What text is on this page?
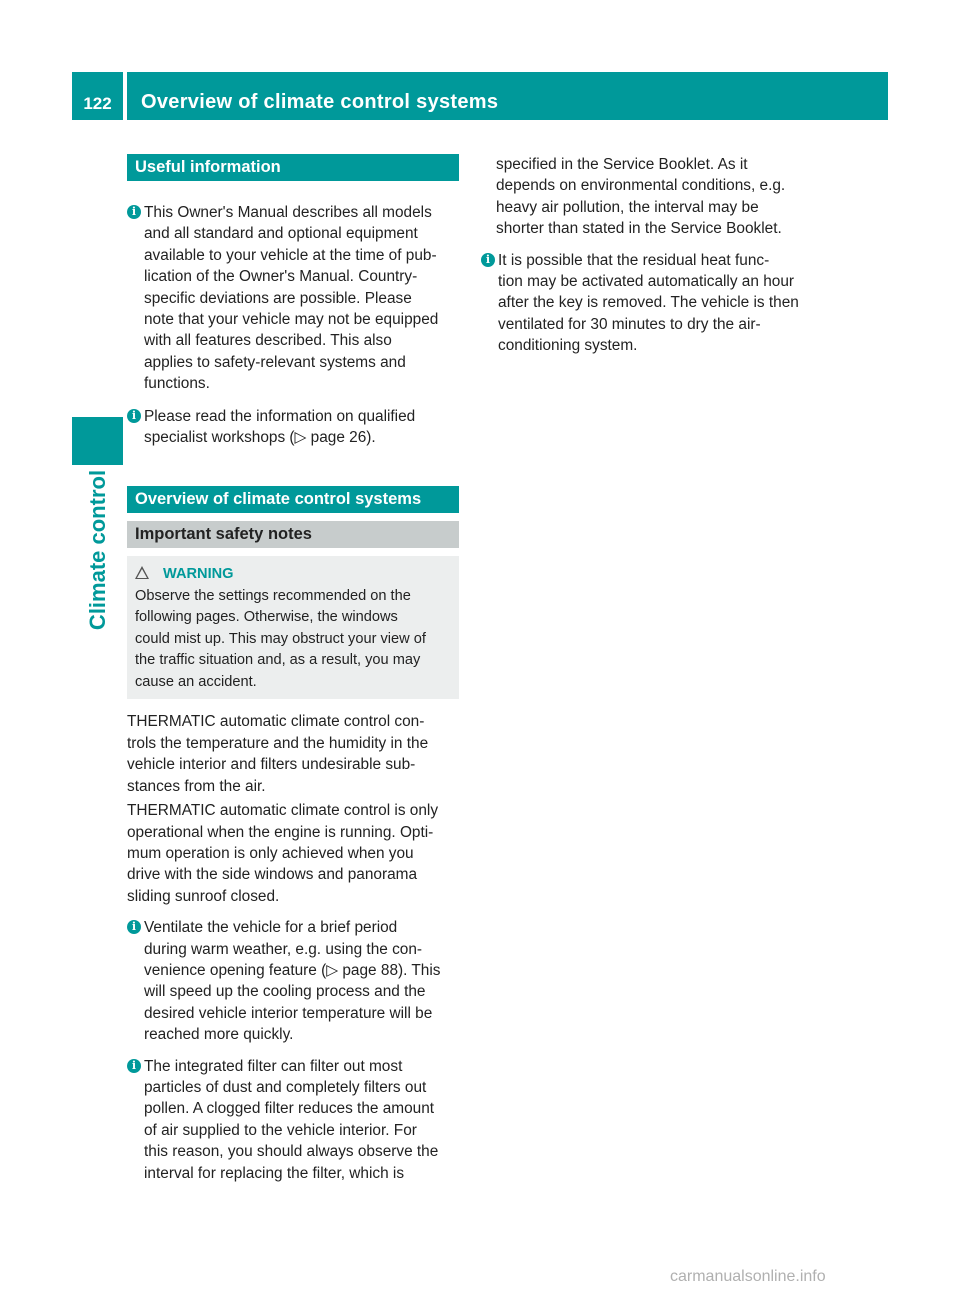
122 Overview of climate control systems
Climate control
Useful information
i This Owner's Manual describes all models
and all standard and optional equipment
available to your vehicle at the time of pub-
lication of the Owner's Manual. Country-
specific deviations are possible. Please
note that your vehicle may not be equipped
with all features described. This also
applies to safety-relevant systems and
functions.
i Please read the information on qualified
specialist workshops (▷ page 26).
Overview of climate control systems
Important safety notes
WARNING
Observe the settings recommended on the
following pages. Otherwise, the windows
could mist up. This may obstruct your view of
the traffic situation and, as a result, you may
cause an accident.
THERMATIC automatic climate control con-
trols the temperature and the humidity in the
vehicle interior and filters undesirable sub-
stances from the air.
THERMATIC automatic climate control is only
operational when the engine is running. Opti-
mum operation is only achieved when you
drive with the side windows and panorama
sliding sunroof closed.
i Ventilate the vehicle for a brief period
during warm weather, e.g. using the con-
venience opening feature (▷ page 88). This
will speed up the cooling process and the
desired vehicle interior temperature will be
reached more quickly.
i The integrated filter can filter out most
particles of dust and completely filters out
pollen. A clogged filter reduces the amount
of air supplied to the vehicle interior. For
this reason, you should always observe the
interval for replacing the filter, which is
specified in the Service Booklet. As it
depends on environmental conditions, e.g.
heavy air pollution, the interval may be
shorter than stated in the Service Booklet.
i It is possible that the residual heat func-
tion may be activated automatically an hour
after the key is removed. The vehicle is then
ventilated for 30 minutes to dry the air-
conditioning system.
carmanualsonline.info
